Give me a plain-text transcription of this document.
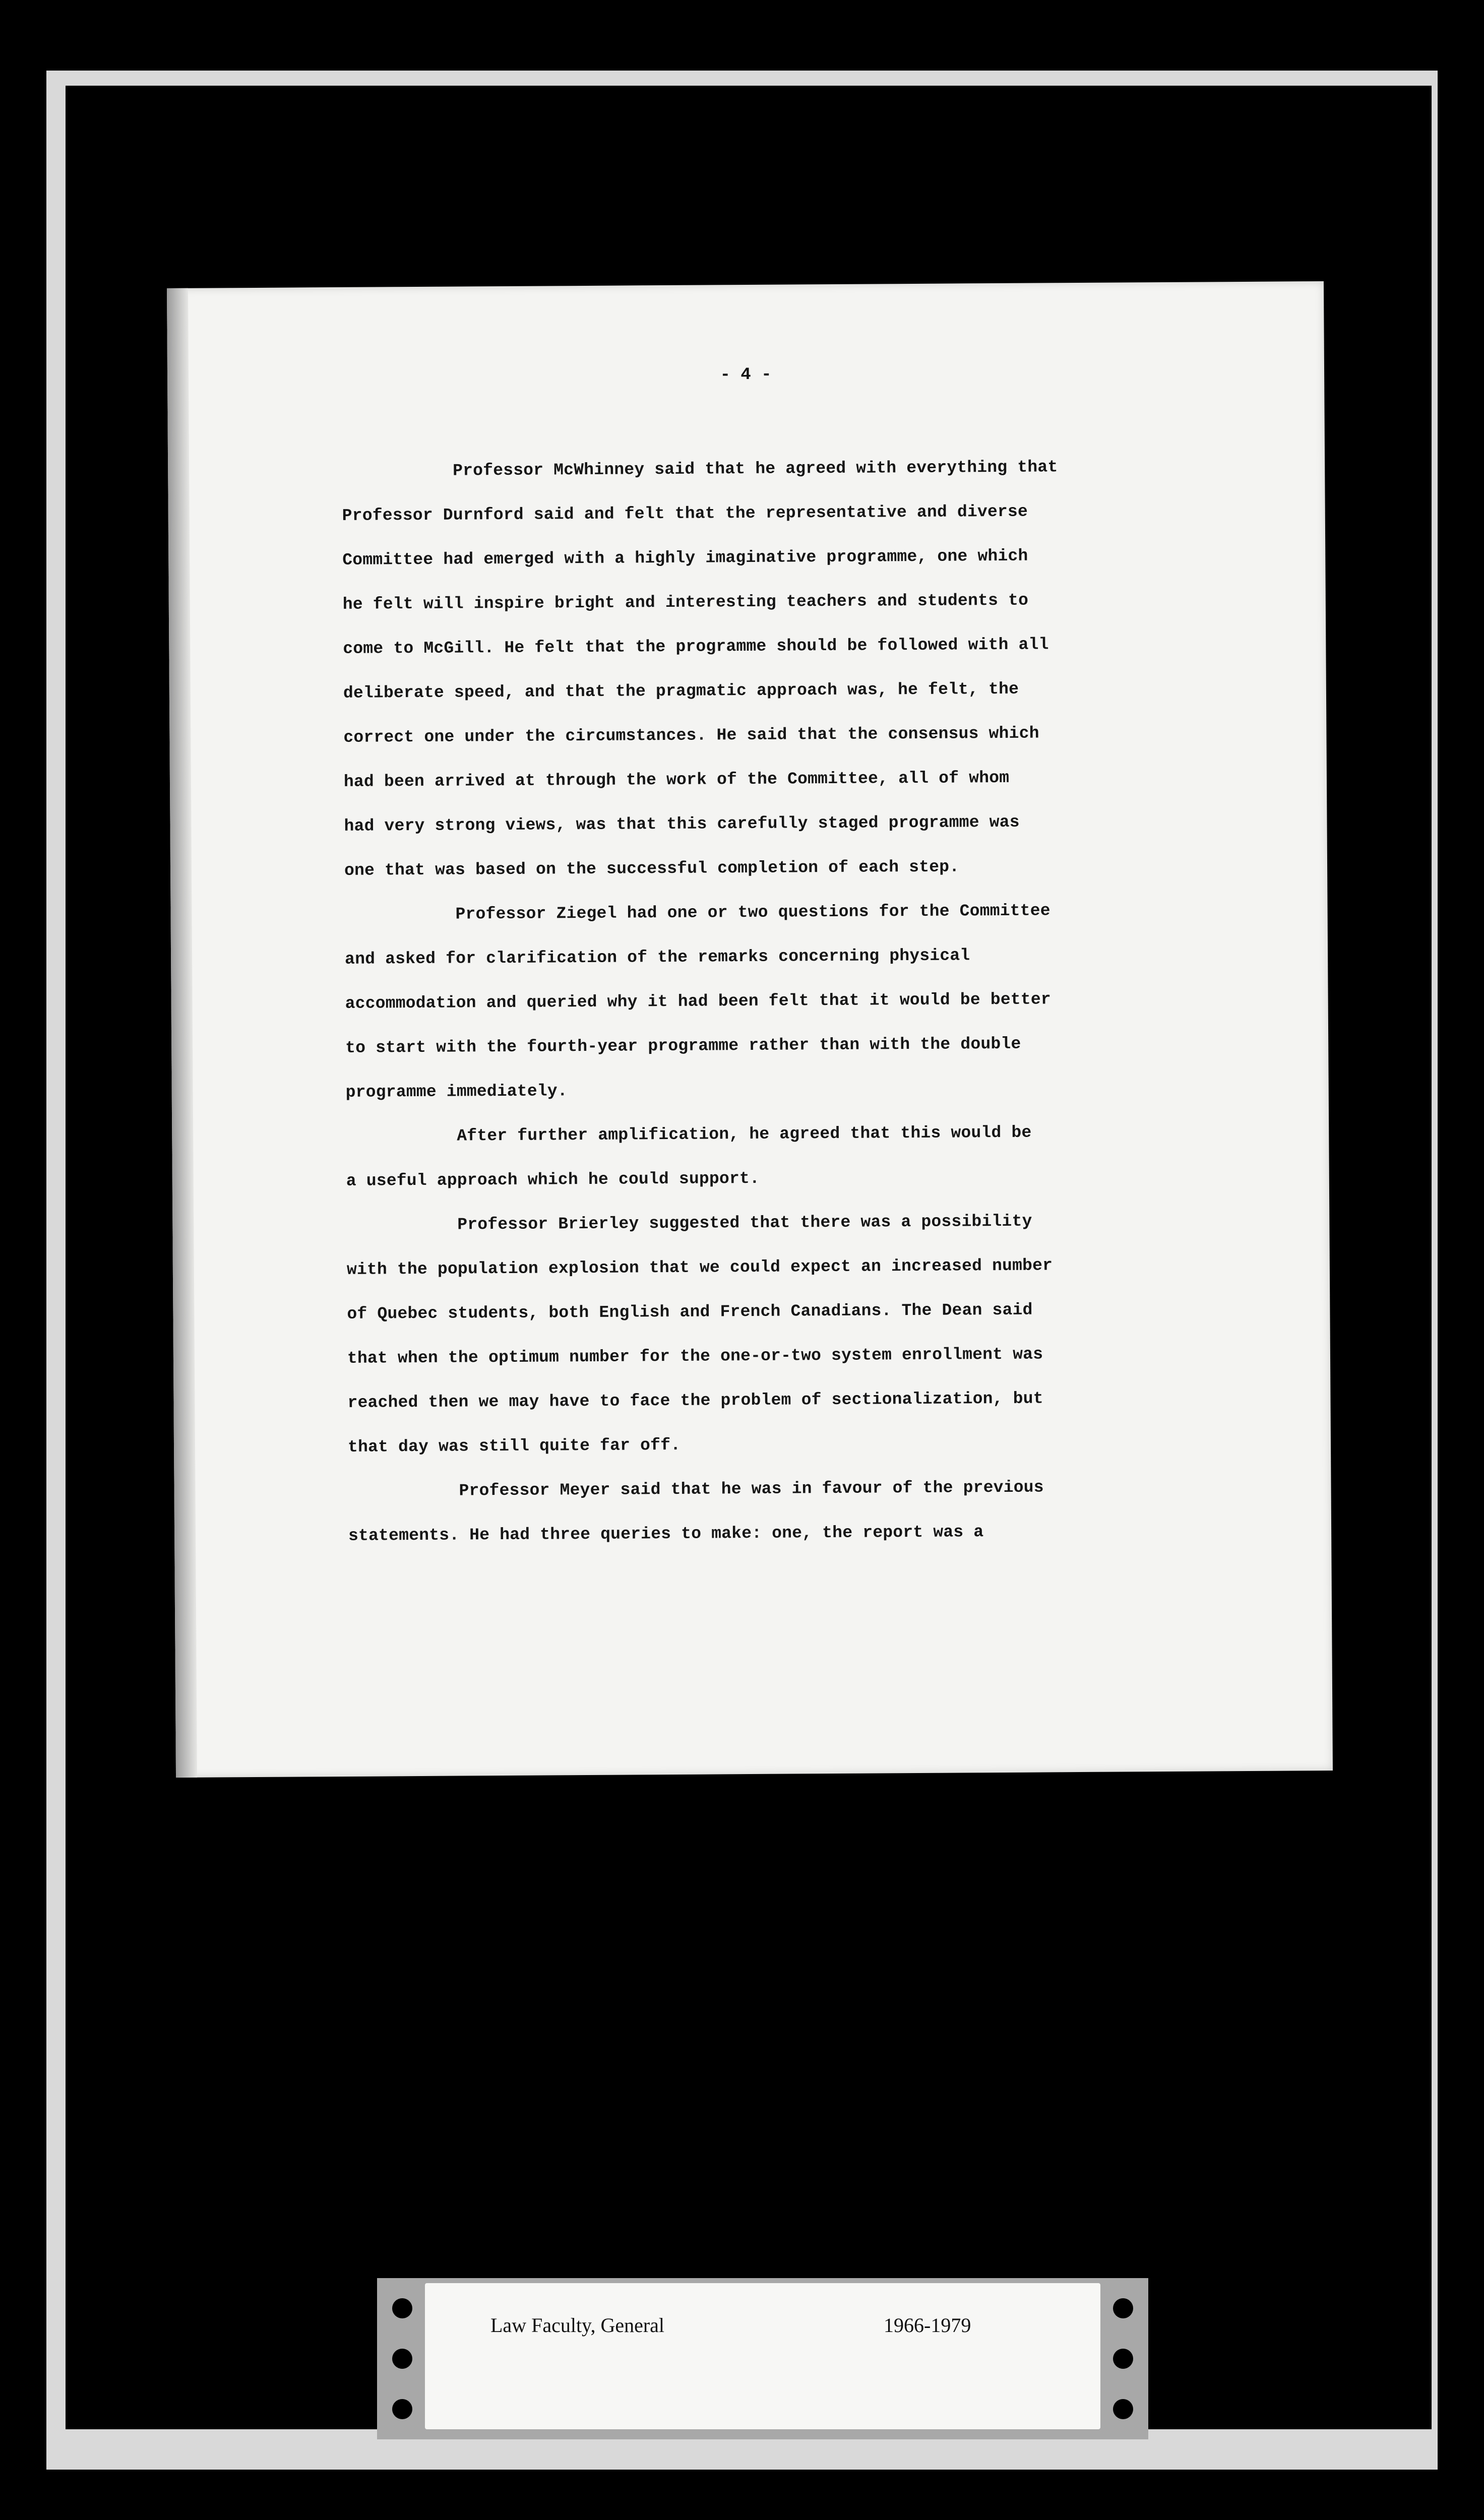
- 4 -

Professor McWhinney said that he agreed with everything that
Professor Durnford said and felt that the representative and diverse
Committee had emerged with a highly imaginative programme, one which
he felt will inspire bright and interesting teachers and students to
come to McGill. He felt that the programme should be followed with all
deliberate speed, and that the pragmatic approach was, he felt, the
correct one under the circumstances. He said that the consensus which
had been arrived at through the work of the Committee, all of whom
had very strong views, was that this carefully staged programme was
one that was based on the successful completion of each step.

Professor Ziegel had one or two questions for the Committee
and asked for clarification of the remarks concerning physical
accommodation and queried why it had been felt that it would be better
to start with the fourth-year programme rather than with the double
programme immediately.

After further amplification, he agreed that this would be
a useful approach which he could support.

Professor Brierley suggested that there was a possibility
with the population explosion that we could expect an increased number
of Quebec students, both English and French Canadians. The Dean said
that when the optimum number for the one-or-two system enrollment was
reached then we may have to face the problem of sectionalization, but
that day was still quite far off.

Professor Meyer said that he was in favour of the previous
statements. He had three queries to make: one, the report was a

Law Faculty, General	1966-1979
